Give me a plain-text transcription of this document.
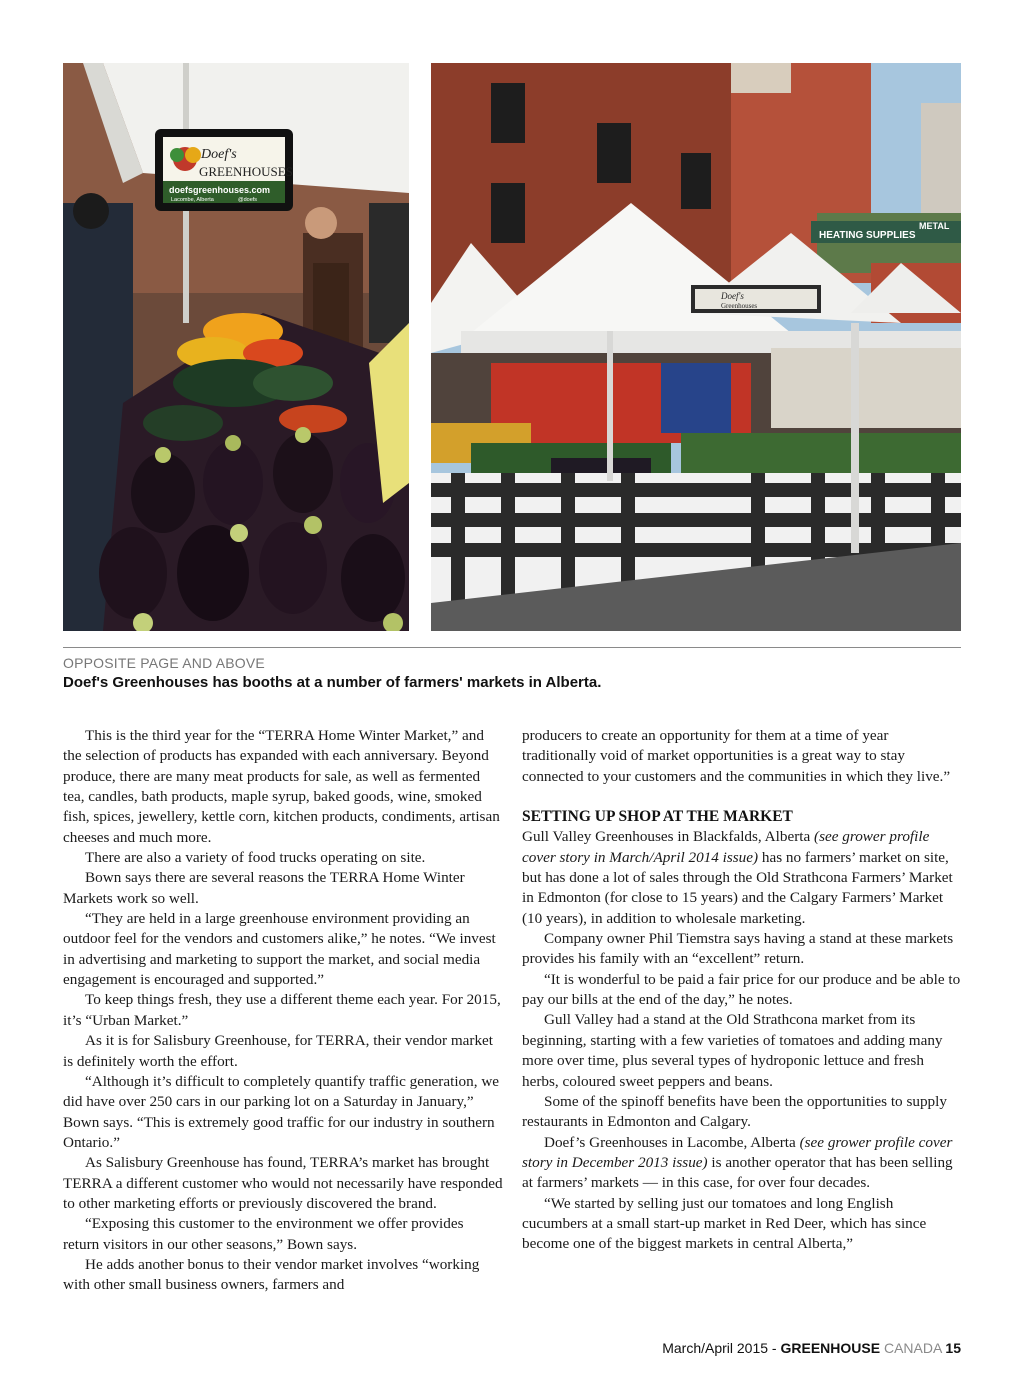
Doef's
GREENHOUSES
doefsgreenhouses.com
Lacombe, Alberta	@doefs
HEATING SUPPLIES
METAL
Doef's
Greenhouses
OPPOSITE PAGE AND ABOVE
Doef's Greenhouses has booths at a number of farmers' markets in Alberta.

This is the third year for the “TERRA Home Winter Market,” and the selection of products has expanded with each anniversary. Beyond produce, there are many meat products for sale, as well as fermented tea, candles, bath products, maple syrup, baked goods, wine, smoked fish, spices, jewellery, kettle corn, kitchen products, condiments, artisan cheeses and much more.

There are also a variety of food trucks operating on site.

Bown says there are several reasons the TERRA Home Winter Markets work so well.

“They are held in a large greenhouse environment providing an outdoor feel for the vendors and customers alike,” he notes. “We invest in advertising and marketing to support the market, and social media engagement is encouraged and supported.”

To keep things fresh, they use a different theme each year. For 2015, it’s “Urban Market.”

As it is for Salisbury Greenhouse, for TERRA, their vendor market is definitely worth the effort.

“Although it’s difficult to completely quantify traffic generation, we did have over 250 cars in our parking lot on a Saturday in January,” Bown says. “This is extremely good traffic for our industry in southern Ontario.”

As Salisbury Greenhouse has found, TERRA’s market has brought TERRA a different customer who would not necessarily have responded to other marketing efforts or previously discovered the brand.

“Exposing this customer to the environment we offer provides return visitors in our other seasons,” Bown says.

He adds another bonus to their vendor market involves “working with other small business owners, farmers and

producers to create an opportunity for them at a time of year traditionally void of market opportunities is a great way to stay connected to your customers and the communities in which they live.”

SETTING UP SHOP AT THE MARKET

Gull Valley Greenhouses in Blackfalds, Alberta (see grower profile cover story in March/April 2014 issue) has no farmers’ market on site, but has done a lot of sales through the Old Strathcona Farmers’ Market in Edmonton (for close to 15 years) and the Calgary Farmers’ Market (10 years), in addition to wholesale marketing.

Company owner Phil Tiemstra says having a stand at these markets provides his family with an “excellent” return.

“It is wonderful to be paid a fair price for our produce and be able to pay our bills at the end of the day,” he notes.

Gull Valley had a stand at the Old Strathcona market from its beginning, starting with a few varieties of tomatoes and adding many more over time, plus several types of hydroponic lettuce and fresh herbs, coloured sweet peppers and beans.

Some of the spinoff benefits have been the opportunities to supply restaurants in Edmonton and Calgary.

Doef’s Greenhouses in Lacombe, Alberta (see grower profile cover story in December 2013 issue) is another operator that has been selling at farmers’ markets — in this case, for over four decades.

“We started by selling just our tomatoes and long English cucumbers at a small start-up market in Red Deer, which has since become one of the biggest markets in central Alberta,”

March/April 2015 - GREENHOUSE CANADA 15
